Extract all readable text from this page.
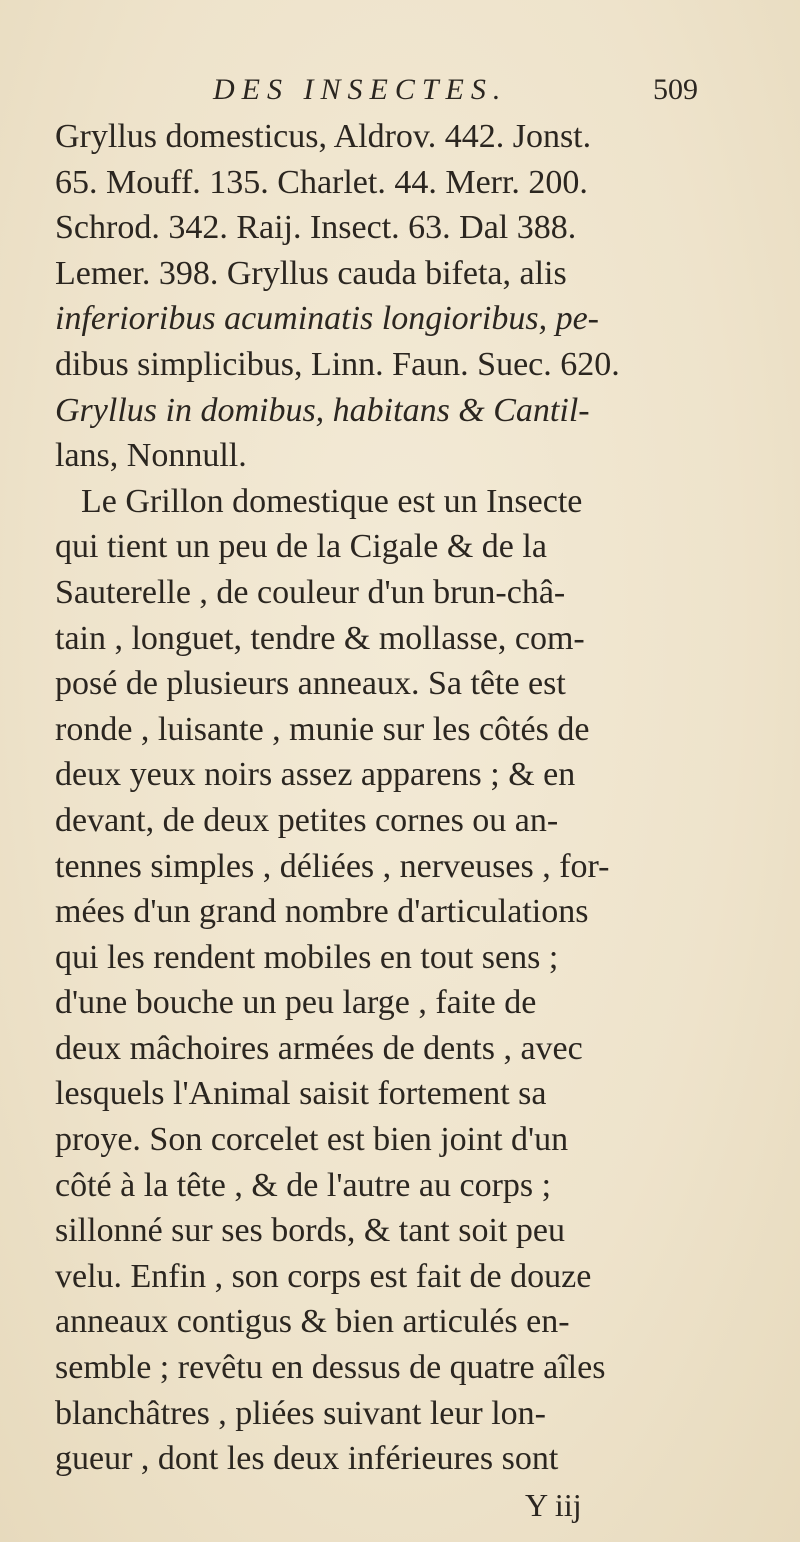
DES INSECTES.	509
Gryllus domesticus, Aldrov. 442. Jonst.
65. Mouff. 135. Charlet. 44. Merr. 200.
Schrod. 342. Raij. Insect. 63. Dal 388.
Lemer. 398. Gryllus cauda bifeta, alis
inferioribus acuminatis longioribus, pe-
dibus simplicibus, Linn. Faun. Suec. 620.
Gryllus in domibus, habitans & Cantil-
lans, Nonnull.
Le Grillon domestique est un Insecte
qui tient un peu de la Cigale & de la
Sauterelle , de couleur d'un brun-châ-
tain , longuet, tendre & mollasse, com-
posé de plusieurs anneaux. Sa tête est
ronde , luisante , munie sur les côtés de
deux yeux noirs assez apparens ; & en
devant, de deux petites cornes ou an-
tennes simples , déliées , nerveuses , for-
mées d'un grand nombre d'articulations
qui les rendent mobiles en tout sens ;
d'une bouche un peu large , faite de
deux mâchoires armées de dents , avec
lesquels l'Animal saisit fortement sa
proye. Son corcelet est bien joint d'un
côté à la tête , & de l'autre au corps ;
sillonné sur ses bords, & tant soit peu
velu. Enfin , son corps est fait de douze
anneaux contigus & bien articulés en-
semble ; revêtu en dessus de quatre aîles
blanchâtres , pliées suivant leur lon-
gueur , dont les deux inférieures sont
Y iij
